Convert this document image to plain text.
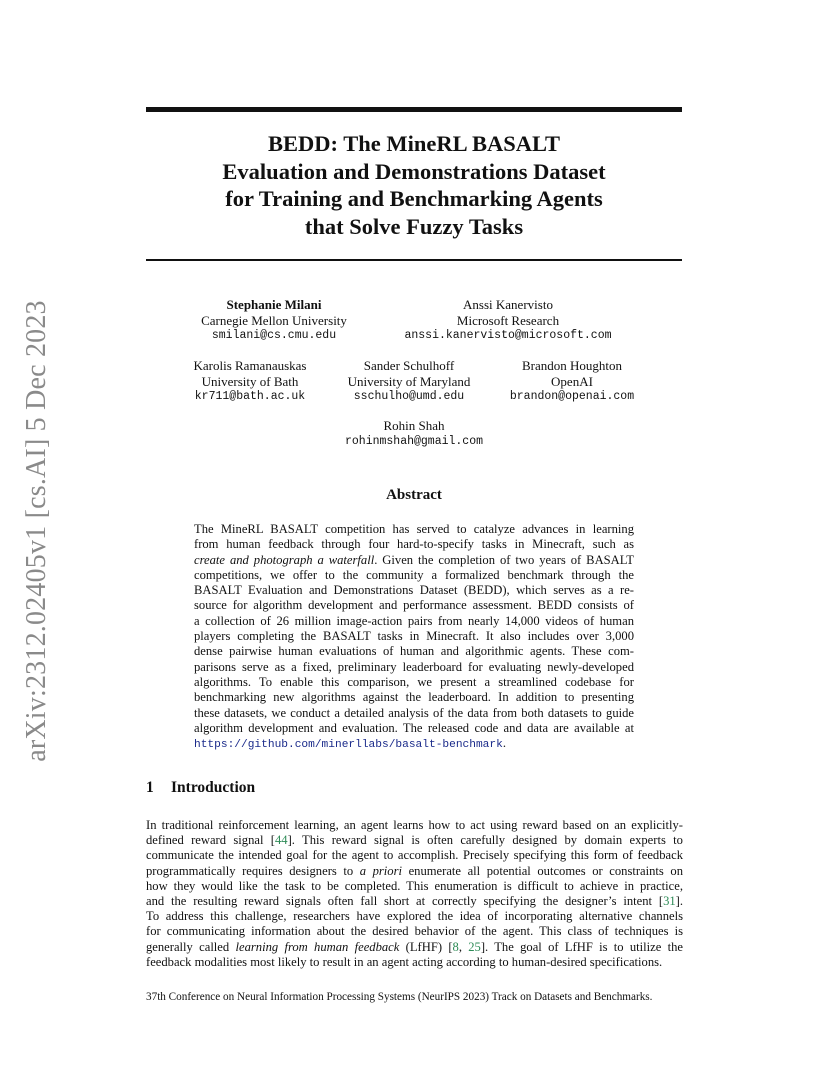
arXiv:2312.02405v1 [cs.AI] 5 Dec 2023
BEDD: The MineRL BASALT
Evaluation and Demonstrations Dataset
for Training and Benchmarking Agents
that Solve Fuzzy Tasks
Stephanie Milani
Carnegie Mellon University
smilani@cs.cmu.edu
Anssi Kanervisto
Microsoft Research
anssi.kanervisto@microsoft.com
Karolis Ramanauskas
University of Bath
kr711@bath.ac.uk
Sander Schulhoff
University of Maryland
sschulho@umd.edu
Brandon Houghton
OpenAI
brandon@openai.com
Rohin Shah
rohinmshah@gmail.com
Abstract
The MineRL BASALT competition has served to catalyze advances in learning
from human feedback through four hard-to-specify tasks in Minecraft, such as
create and photograph a waterfall. Given the completion of two years of BASALT
competitions, we offer to the community a formalized benchmark through the
BASALT Evaluation and Demonstrations Dataset (BEDD), which serves as a re-
source for algorithm development and performance assessment. BEDD consists of
a collection of 26 million image-action pairs from nearly 14,000 videos of human
players completing the BASALT tasks in Minecraft. It also includes over 3,000
dense pairwise human evaluations of human and algorithmic agents. These com-
parisons serve as a fixed, preliminary leaderboard for evaluating newly-developed
algorithms. To enable this comparison, we present a streamlined codebase for
benchmarking new algorithms against the leaderboard. In addition to presenting
these datasets, we conduct a detailed analysis of the data from both datasets to guide
algorithm development and evaluation. The released code and data are available at
https://github.com/minerllabs/basalt-benchmark.
1 Introduction
In traditional reinforcement learning, an agent learns how to act using reward based on an explicitly-
defined reward signal [44]. This reward signal is often carefully designed by domain experts to
communicate the intended goal for the agent to accomplish. Precisely specifying this form of feedback
programmatically requires designers to a priori enumerate all potential outcomes or constraints on
how they would like the task to be completed. This enumeration is difficult to achieve in practice,
and the resulting reward signals often fall short at correctly specifying the designer’s intent [31].
To address this challenge, researchers have explored the idea of incorporating alternative channels
for communicating information about the desired behavior of the agent. This class of techniques is
generally called learning from human feedback (LfHF) [8, 25]. The goal of LfHF is to utilize the
feedback modalities most likely to result in an agent acting according to human-desired specifications.
37th Conference on Neural Information Processing Systems (NeurIPS 2023) Track on Datasets and Benchmarks.
